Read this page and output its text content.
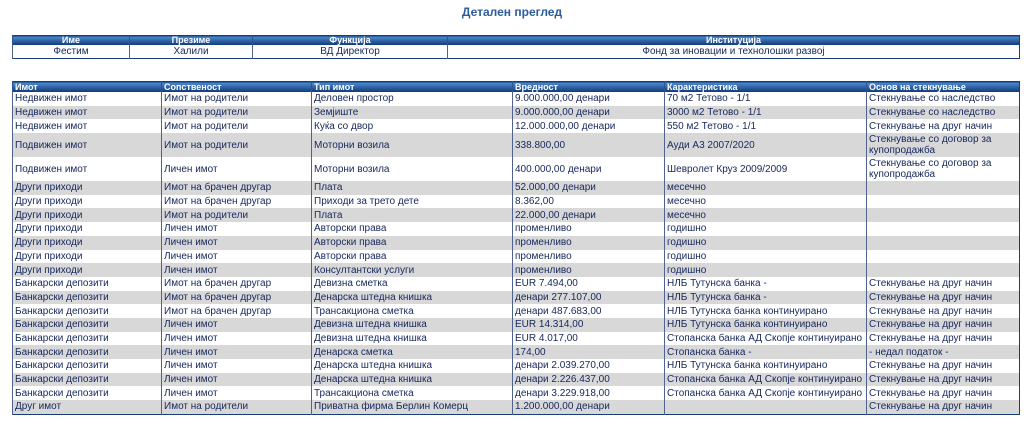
Детален преглед
Име	Презиме	Функција	Институција
Фестим	Халили	ВД Директор	Фонд за иновации и технолошки развој
Имот	Сопственост	Тип имот	Вредност	Карактеристика	Основ на стекнување
Недвижен имот	Имот на родители	Деловен простор	9.000.000,00 денари	70 м2 Тетово - 1/1	Стекнување со наследство
Недвижен имот	Имот на родители	Земјиште	9.000.000,00 денари	3000 м2 Тетово - 1/1	Стекнување со наследство
Недвижен имот	Имот на родители	Куќа со двор	12.000.000,00 денари	550 м2 Тетово - 1/1	Стекнување на друг начин
Подвижен имот	Имот на родители	Моторни возила	338.800,00	Ауди А3 2007/2020	Стекнување со договор за купопродажба
Подвижен имот	Личен имот	Моторни возила	400.000,00 денари	Шевролет Круз 2009/2009	Стекнување со договор за купопродажба
Други приходи	Имот на брачен другар	Плата	52.000,00 денари	месечно	
Други приходи	Имот на брачен другар	Приходи за трето дете	8.362,00	месечно	
Други приходи	Имот на родители	Плата	22.000,00 денари	месечно	
Други приходи	Личен имот	Авторски права	променливо	годишно	
Други приходи	Личен имот	Авторски права	променливо	годишно	
Други приходи	Личен имот	Авторски права	променливо	годишно	
Други приходи	Личен имот	Консултантски услуги	променливо	годишно	
Банкарски депозити	Имот на брачен другар	Девизна сметка	EUR 7.494,00	НЛБ Тутунска банка -	Стекнување на друг начин
Банкарски депозити	Имот на брачен другар	Денарска штедна книшка	денари 277.107,00	НЛБ Тутунска банка -	Стекнување на друг начин
Банкарски депозити	Имот на брачен другар	Трансакциона сметка	денари 487.683,00	НЛБ Тутунска банка континуирано	Стекнување на друг начин
Банкарски депозити	Личен имот	Девизна штедна книшка	EUR 14.314,00	НЛБ Тутунска банка континуирано	Стекнување на друг начин
Банкарски депозити	Личен имот	Девизна штедна книшка	EUR 4.017,00	Стопанска банка АД Скопје континуирано	Стекнување на друг начин
Банкарски депозити	Личен имот	Денарска сметка	174,00	Стопанска банка -	- недал податок -
Банкарски депозити	Личен имот	Денарска штедна книшка	денари 2.039.270,00	НЛБ Тутунска банка континуирано	Стекнување на друг начин
Банкарски депозити	Личен имот	Денарска штедна книшка	денари 2.226.437,00	Стопанска банка АД Скопје континуирано	Стекнување на друг начин
Банкарски депозити	Личен имот	Трансакциона сметка	денари 3.229.918,00	Стопанска банка АД Скопје континуирано	Стекнување на друг начин
Друг имот	Имот на родители	Приватна фирма Берлин Комерц	1.200.000,00 денари		Стекнување на друг начин
